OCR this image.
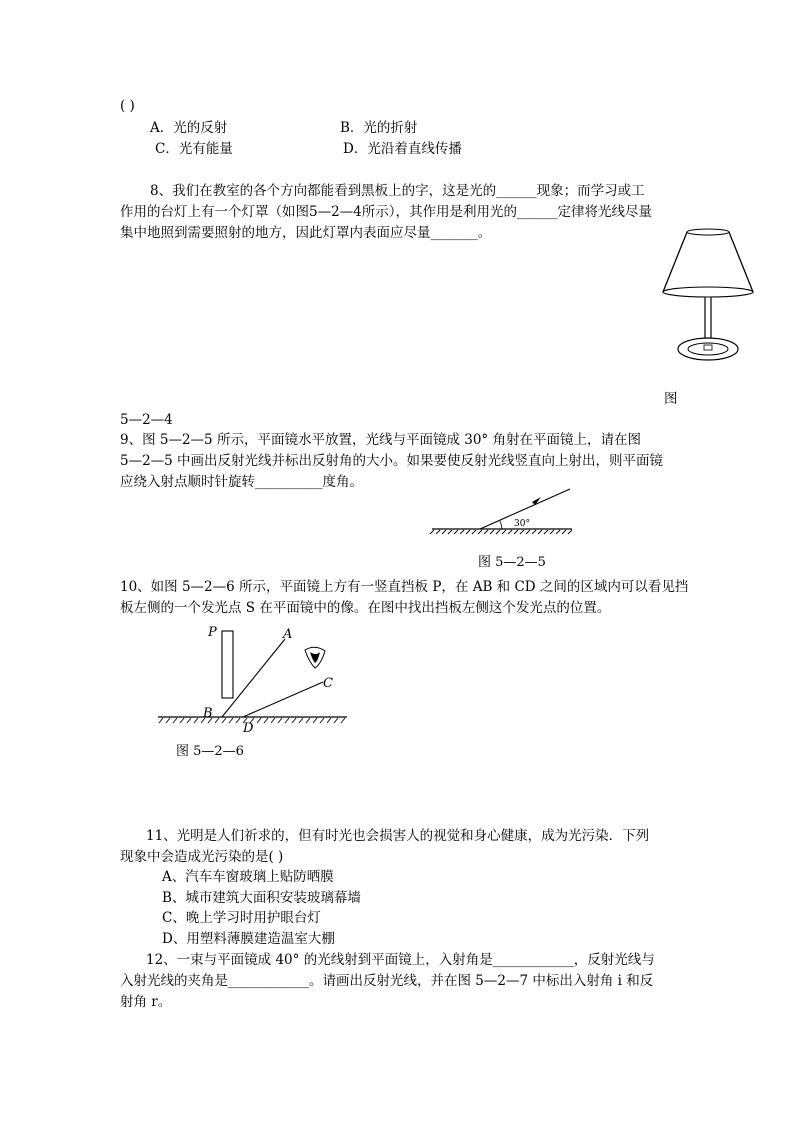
( )
A．光的反射	B．光的折射
C．光有能量	D．光沿着直线传播
8、我们在教室的各个方向都能看到黑板上的字，这是光的______现象；而学习或工
作用的台灯上有一个灯罩（如图5—2—4所示），其作用是利用光的______定律将光线尽量
集中地照到需要照射的地方，因此灯罩内表面应尽量_______。
图
5—2—4
9、图 5—2—5 所示，平面镜水平放置，光线与平面镜成 30° 角射在平面镜上，请在图
5—2—5 中画出反射光线并标出反射角的大小。如果要使反射光线竖直向上射出，则平面镜
应绕入射点顺时针旋转__________度角。
30°
图 5—2—5
10、如图 5—2—6 所示，平面镜上方有一竖直挡板 P，在 AB 和 CD 之间的区域内可以看见挡
板左侧的一个发光点 S 在平面镜中的像。在图中找出挡板左侧这个发光点的位置。
P	A
B
C
D
图 5—2—6
11、光明是人们祈求的，但有时光也会损害人的视觉和身心健康，成为光污染．下列
现象中会造成光污染的是( )
A、汽车车窗玻璃上贴防晒膜
B、城市建筑大面积安装玻璃幕墙
C、晚上学习时用护眼台灯
D、用塑料薄膜建造温室大棚
12、一束与平面镜成 40° 的光线射到平面镜上，入射角是____________，反射光线与
入射光线的夹角是____________。请画出反射光线，并在图 5—2—7 中标出入射角 i 和反
射角 r。
